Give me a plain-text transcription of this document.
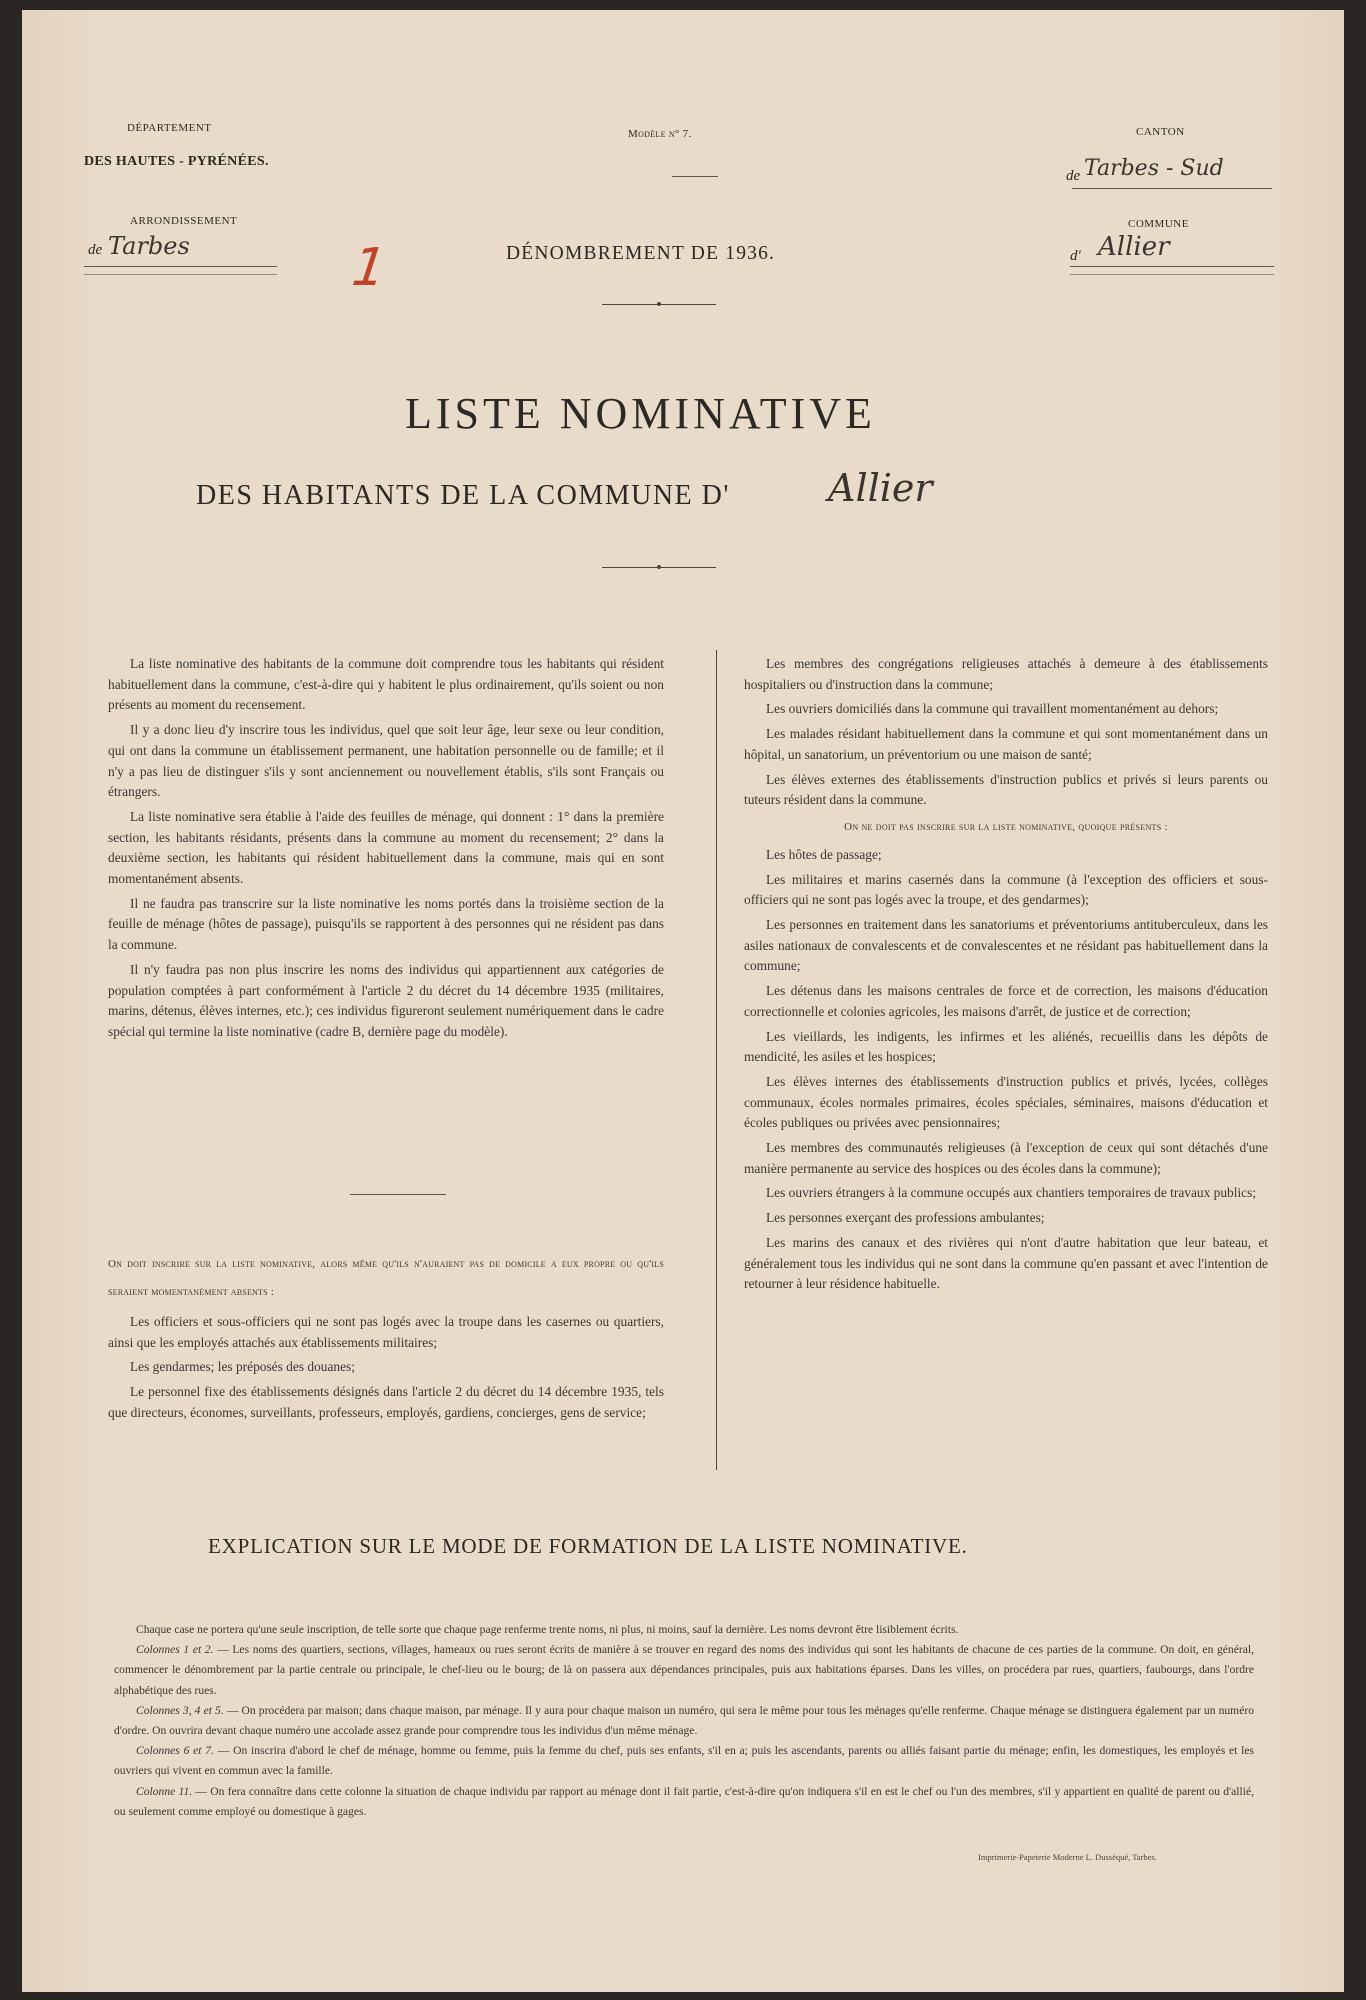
DÉPARTEMENT
DES HAUTES - PYRÉNÉES.
ARRONDISSEMENT
de Tarbes	1
Modèle n° 7.
DÉNOMBREMENT DE 1936.
CANTON
de Tarbes - Sud
COMMUNE
d' Allier
LISTE NOMINATIVE
DES HABITANTS DE LA COMMUNE D'	Allier

La liste nominative des habitants de la commune doit comprendre tous les habitants qui résident habituellement dans la commune, c'est-à-dire qui y habitent le plus ordinairement, qu'ils soient ou non présents au moment du recensement.

Il y a donc lieu d'y inscrire tous les individus, quel que soit leur âge, leur sexe ou leur condition, qui ont dans la commune un établissement permanent, une habitation personnelle ou de famille; et il n'y a pas lieu de distinguer s'ils y sont anciennement ou nouvellement établis, s'ils sont Français ou étrangers.

La liste nominative sera établie à l'aide des feuilles de ménage, qui donnent : 1° dans la première section, les habitants résidants, présents dans la commune au moment du recensement; 2° dans la deuxième section, les habitants qui résident habituellement dans la commune, mais qui en sont momentanément absents.

Il ne faudra pas transcrire sur la liste nominative les noms portés dans la troisième section de la feuille de ménage (hôtes de passage), puisqu'ils se rapportent à des personnes qui ne résident pas dans la commune.

Il n'y faudra pas non plus inscrire les noms des individus qui appartiennent aux catégories de population comptées à part conformément à l'article 2 du décret du 14 décembre 1935 (militaires, marins, détenus, élèves internes, etc.); ces individus figureront seulement numériquement dans le cadre spécial qui termine la liste nominative (cadre B, dernière page du modèle).

On doit inscrire sur la liste nominative, alors même qu'ils n'auraient pas de domicile a eux propre ou qu'ils seraient momentanément absents :

Les officiers et sous-officiers qui ne sont pas logés avec la troupe dans les casernes ou quartiers, ainsi que les employés attachés aux établissements militaires;

Les gendarmes; les préposés des douanes;

Le personnel fixe des établissements désignés dans l'article 2 du décret du 14 décembre 1935, tels que directeurs, économes, surveillants, professeurs, employés, gardiens, concierges, gens de service;

Les membres des congrégations religieuses attachés à demeure à des établissements hospitaliers ou d'instruction dans la commune;

Les ouvriers domiciliés dans la commune qui travaillent momentanément au dehors;

Les malades résidant habituellement dans la commune et qui sont momentanément dans un hôpital, un sanatorium, un préventorium ou une maison de santé;

Les élèves externes des établissements d'instruction publics et privés si leurs parents ou tuteurs résident dans la commune.

On ne doit pas inscrire sur la liste nominative, quoique présents :

Les hôtes de passage;

Les militaires et marins casernés dans la commune (à l'exception des officiers et sous-officiers qui ne sont pas logés avec la troupe, et des gendarmes);

Les personnes en traitement dans les sanatoriums et préventoriums antituberculeux, dans les asiles nationaux de convalescents et de convalescentes et ne résidant pas habituellement dans la commune;

Les détenus dans les maisons centrales de force et de correction, les maisons d'éducation correctionnelle et colonies agricoles, les maisons d'arrêt, de justice et de correction;

Les vieillards, les indigents, les infirmes et les aliénés, recueillis dans les dépôts de mendicité, les asiles et les hospices;

Les élèves internes des établissements d'instruction publics et privés, lycées, collèges communaux, écoles normales primaires, écoles spéciales, séminaires, maisons d'éducation et écoles publiques ou privées avec pensionnaires;

Les membres des communautés religieuses (à l'exception de ceux qui sont détachés d'une manière permanente au service des hospices ou des écoles dans la commune);

Les ouvriers étrangers à la commune occupés aux chantiers temporaires de travaux publics;

Les personnes exerçant des professions ambulantes;

Les marins des canaux et des rivières qui n'ont d'autre habitation que leur bateau, et généralement tous les individus qui ne sont dans la commune qu'en passant et avec l'intention de retourner à leur résidence habituelle.

EXPLICATION SUR LE MODE DE FORMATION DE LA LISTE NOMINATIVE.

Chaque case ne portera qu'une seule inscription, de telle sorte que chaque page renferme trente noms, ni plus, ni moins, sauf la dernière. Les noms devront être lisiblement écrits.

Colonnes 1 et 2. — Les noms des quartiers, sections, villages, hameaux ou rues seront écrits de manière à se trouver en regard des noms des individus qui sont les habitants de chacune de ces parties de la commune. On doit, en général, commencer le dénombrement par la partie centrale ou principale, le chef-lieu ou le bourg; de là on passera aux dépendances principales, puis aux habitations éparses. Dans les villes, on procédera par rues, quartiers, faubourgs, dans l'ordre alphabétique des rues.

Colonnes 3, 4 et 5. — On procédera par maison; dans chaque maison, par ménage. Il y aura pour chaque maison un numéro, qui sera le même pour tous les ménages qu'elle renferme. Chaque ménage se distinguera également par un numéro d'ordre. On ouvrira devant chaque numéro une accolade assez grande pour comprendre tous les individus d'un même ménage.

Colonnes 6 et 7. — On inscrira d'abord le chef de ménage, homme ou femme, puis la femme du chef, puis ses enfants, s'il en a; puis les ascendants, parents ou alliés faisant partie du ménage; enfin, les domestiques, les employés et les ouvriers qui vivent en commun avec la famille.

Colonne 11. — On fera connaître dans cette colonne la situation de chaque individu par rapport au ménage dont il fait partie, c'est-à-dire qu'on indiquera s'il en est le chef ou l'un des membres, s'il y appartient en qualité de parent ou d'allié, ou seulement comme employé ou domestique à gages.

Imprimerie-Papeterie Moderne L. Dussèqué, Tarbes.
